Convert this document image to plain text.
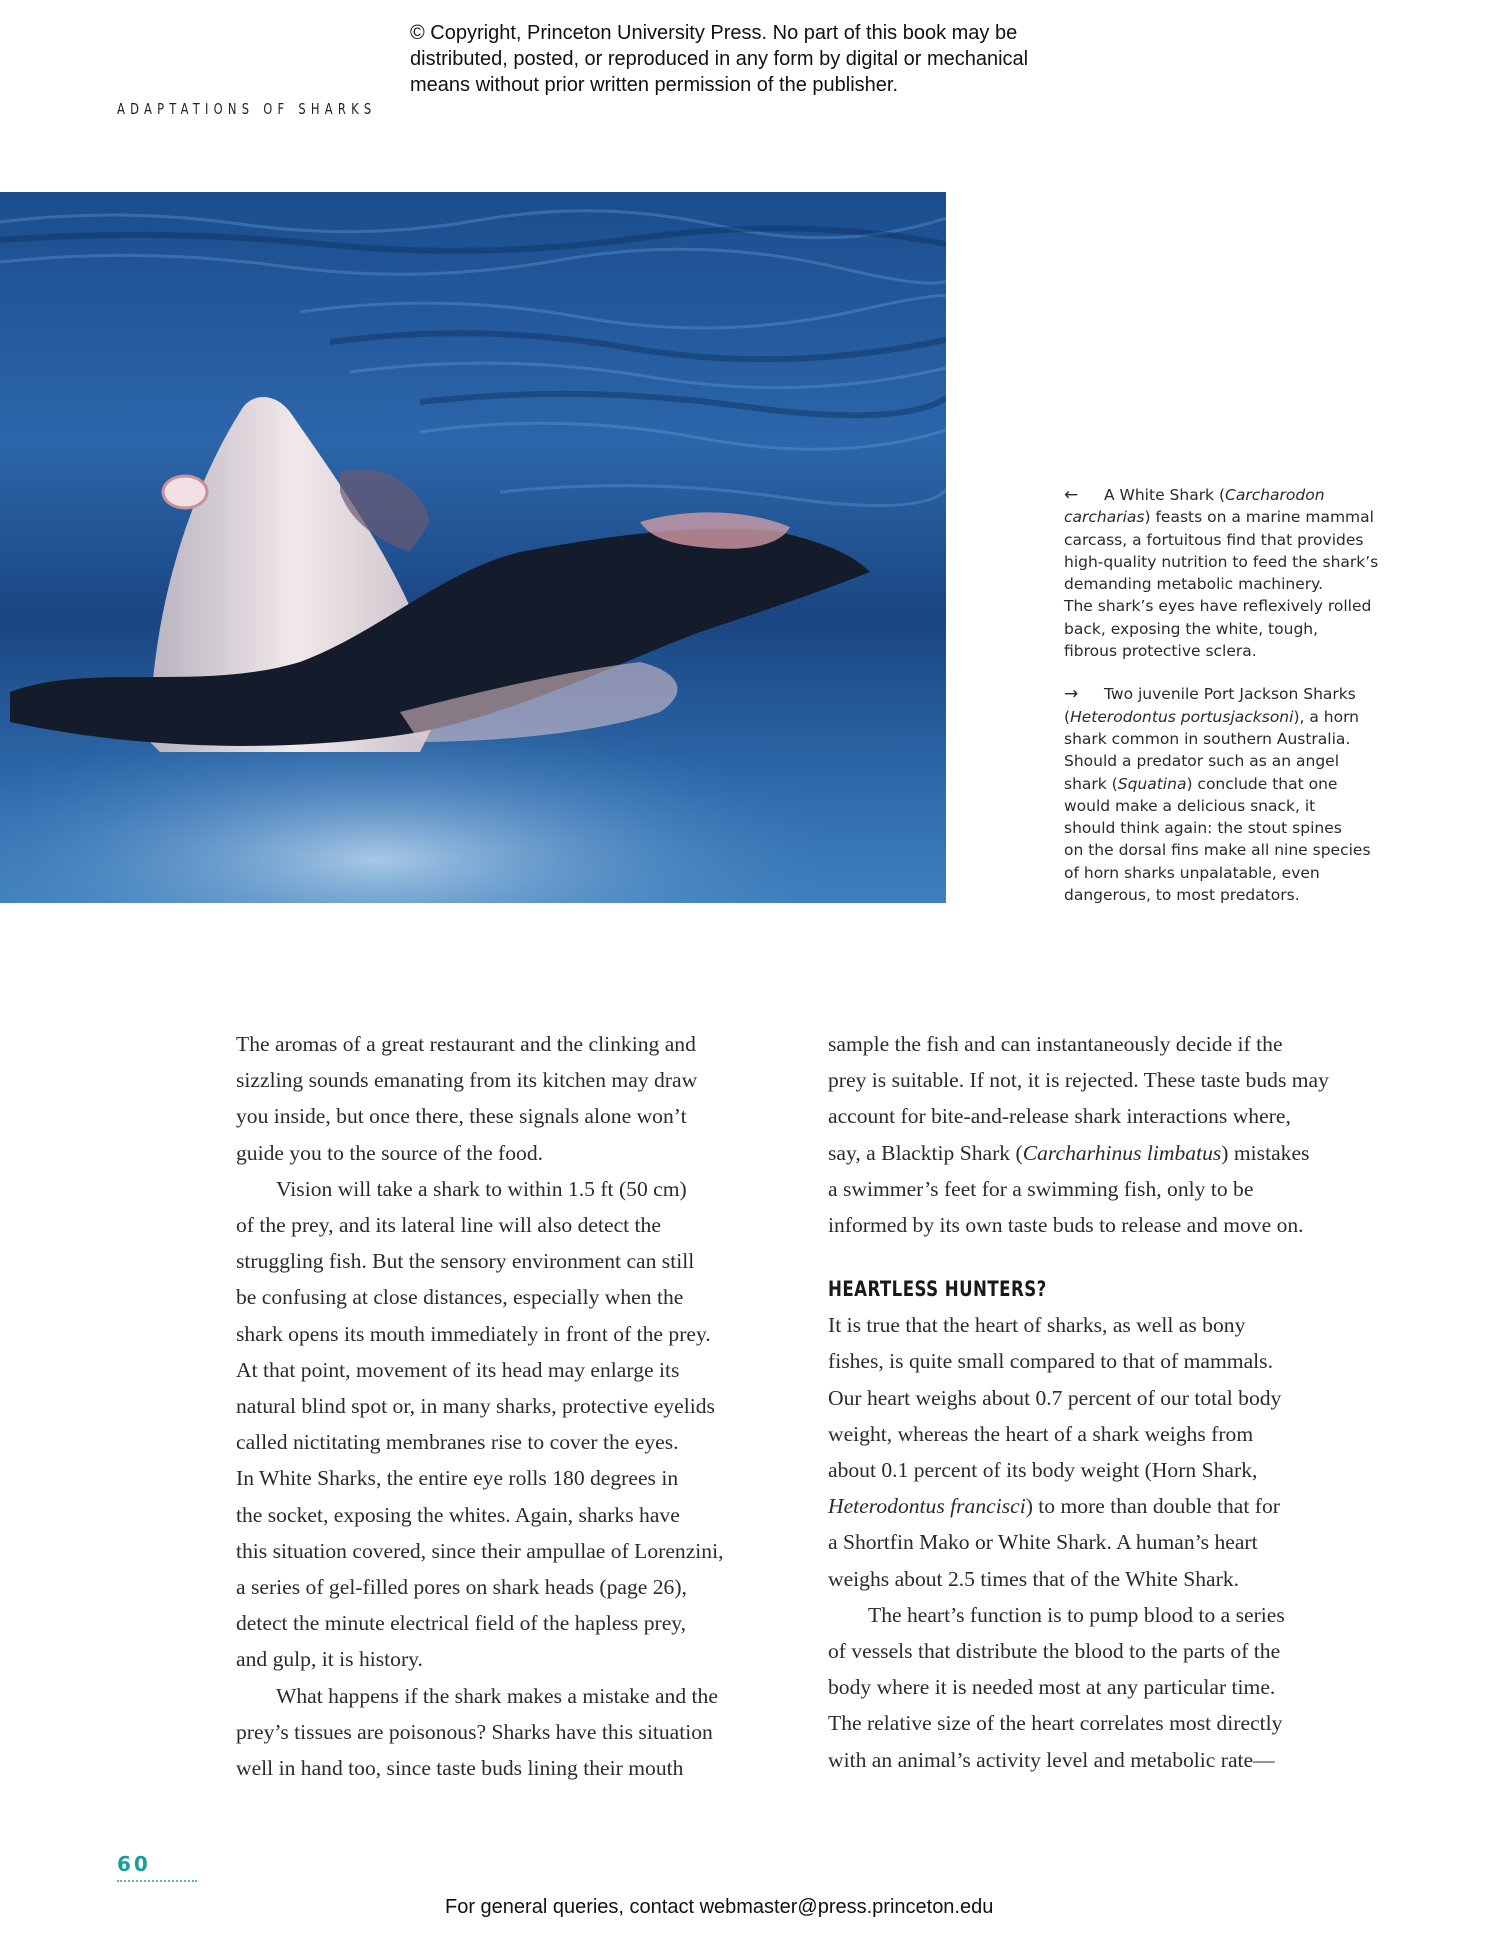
© Copyright, Princeton University Press. No part of this book may be
distributed, posted, or reproduced in any form by digital or mechanical
means without prior written permission of the publisher.
ADAPTATIONS OF SHARKS
← A White Shark (Carcharodon
carcharias) feasts on a marine mammal
carcass, a fortuitous find that provides
high-quality nutrition to feed the shark’s
demanding metabolic machinery.
The shark’s eyes have reflexively rolled
back, exposing the white, tough,
fibrous protective sclera.
→ Two juvenile Port Jackson Sharks
(Heterodontus portusjacksoni), a horn
shark common in southern Australia.
Should a predator such as an angel
shark (Squatina) conclude that one
would make a delicious snack, it
should think again: the stout spines
on the dorsal fins make all nine species
of horn sharks unpalatable, even
dangerous, to most predators.
The aromas of a great restaurant and the clinking and
sizzling sounds emanating from its kitchen may draw
you inside, but once there, these signals alone won’t
guide you to the source of the food.
Vision will take a shark to within 1.5 ft (50 cm)
of the prey, and its lateral line will also detect the
struggling fish. But the sensory environment can still
be confusing at close distances, especially when the
shark opens its mouth immediately in front of the prey.
At that point, movement of its head may enlarge its
natural blind spot or, in many sharks, protective eyelids
called nictitating membranes rise to cover the eyes.
In White Sharks, the entire eye rolls 180 degrees in
the socket, exposing the whites. Again, sharks have
this situation covered, since their ampullae of Lorenzini,
a series of gel-filled pores on shark heads (page 26),
detect the minute electrical field of the hapless prey,
and gulp, it is history.
What happens if the shark makes a mistake and the
prey’s tissues are poisonous? Sharks have this situation
well in hand too, since taste buds lining their mouth
sample the fish and can instantaneously decide if the
prey is suitable. If not, it is rejected. These taste buds may
account for bite-and-release shark interactions where,
say, a Blacktip Shark (Carcharhinus limbatus) mistakes
a swimmer’s feet for a swimming fish, only to be
informed by its own taste buds to release and move on.
HEARTLESS HUNTERS?
It is true that the heart of sharks, as well as bony
fishes, is quite small compared to that of mammals.
Our heart weighs about 0.7 percent of our total body
weight, whereas the heart of a shark weighs from
about 0.1 percent of its body weight (Horn Shark,
Heterodontus francisci) to more than double that for
a Shortfin Mako or White Shark. A human’s heart
weighs about 2.5 times that of the White Shark.
The heart’s function is to pump blood to a series
of vessels that distribute the blood to the parts of the
body where it is needed most at any particular time.
The relative size of the heart correlates most directly
with an animal’s activity level and metabolic rate—
60
For general queries, contact webmaster@press.princeton.edu
